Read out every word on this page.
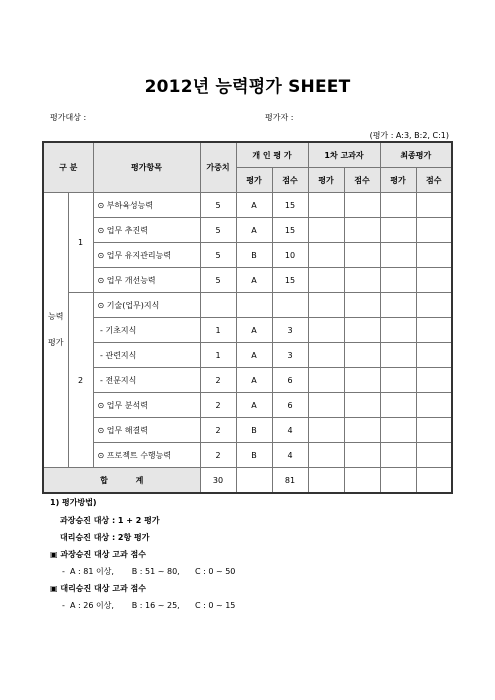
2012년 능력평가 SHEET
평가대상 :	평가자 :
(평가 : A:3, B:2, C:1)
구 분		평가항목	가중치	개 인 평 가		1차 고과자		최종평가	
				평가	점수	평가	점수	평가	점수
능력평가	1	⊙ 부하육성능력	5	A	15				
		⊙ 업무 추진력	5	A	15				
		⊙ 업무 유지관리능력	5	B	10				
		⊙ 업무 개선능력	5	A	15				
	2	⊙ 기술(업무)지식							
		- 기초지식	1	A	3				
		- 관련지식	1	A	3				
		- 전문지식	2	A	6				
		⊙ 업무 분석력	2	A	6				
		⊙ 업무 해결력	2	B	4				
		⊙ 프로젝트 수행능력	2	B	4				
합          계			30		81				
1) 평가방법)
과장승진 대상 : 1 + 2 평가
대리승진 대상 : 2항 평가
▣ 과장승진 대상 고과 점수
-  A : 81 이상,       B : 51 ~ 80,      C : 0 ~ 50
▣ 대리승진 대상 고과 점수
-  A : 26 이상,       B : 16 ~ 25,      C : 0 ~ 15
